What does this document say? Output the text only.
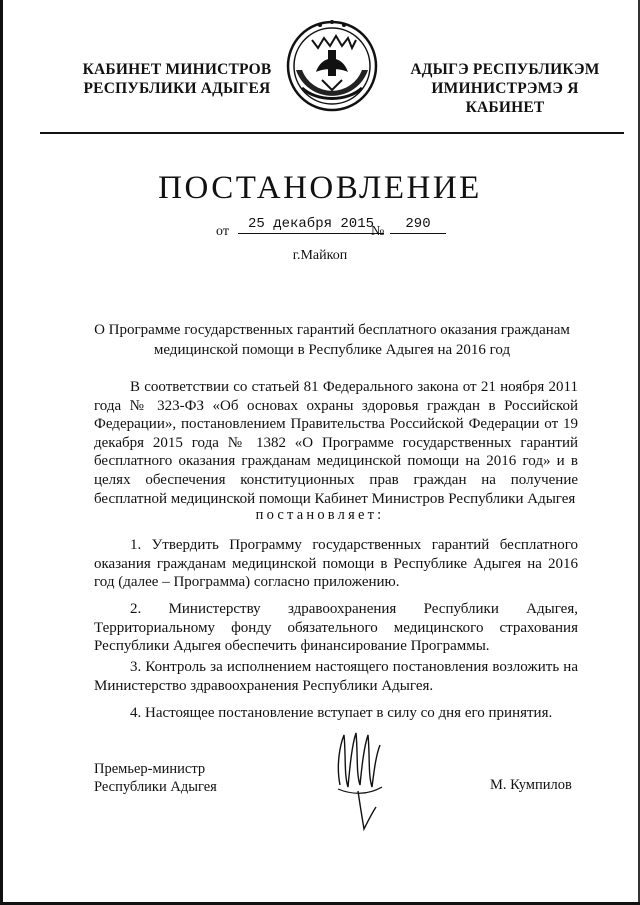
КАБИНЕТ МИНИСТРОВ
РЕСПУБЛИКИ АДЫГЕЯ
АДЫГЭ РЕСПУБЛИКЭМ
ИМИНИСТРЭМЭ Я КАБИНЕТ
ПОСТАНОВЛЕНИЕ
от	25 декабря 2015
№	290
г.Майкоп
О Программе государственных гарантий бесплатного оказания гражданам
медицинской помощи в Республике Адыгея на 2016 год
В соответствии со статьей 81 Федерального закона от 21 ноября 2011 года № 323-ФЗ «Об основах охраны здоровья граждан в Российской Федерации», постановлением Правительства Российской Федерации от 19 декабря 2015 года № 1382 «О Программе государственных гарантий бесплатного оказания гражданам медицинской помощи на 2016 год» и в целях обеспечения конституционных прав граждан на получение бесплатной медицинской помощи Кабинет Министров Республики Адыгея
постановляет:
1. Утвердить Программу государственных гарантий бесплатного оказания гражданам медицинской помощи в Республике Адыгея на 2016 год (далее – Программа) согласно приложению.
2. Министерству здравоохранения Республики Адыгея, Территориальному фонду обязательного медицинского страхования Республики Адыгея обеспечить финансирование Программы.
3. Контроль за исполнением настоящего постановления возложить на Министерство здравоохранения Республики Адыгея.
4. Настоящее постановление вступает в силу со дня его принятия.
Премьер-министр
Республики Адыгея	М. Кумпилов
